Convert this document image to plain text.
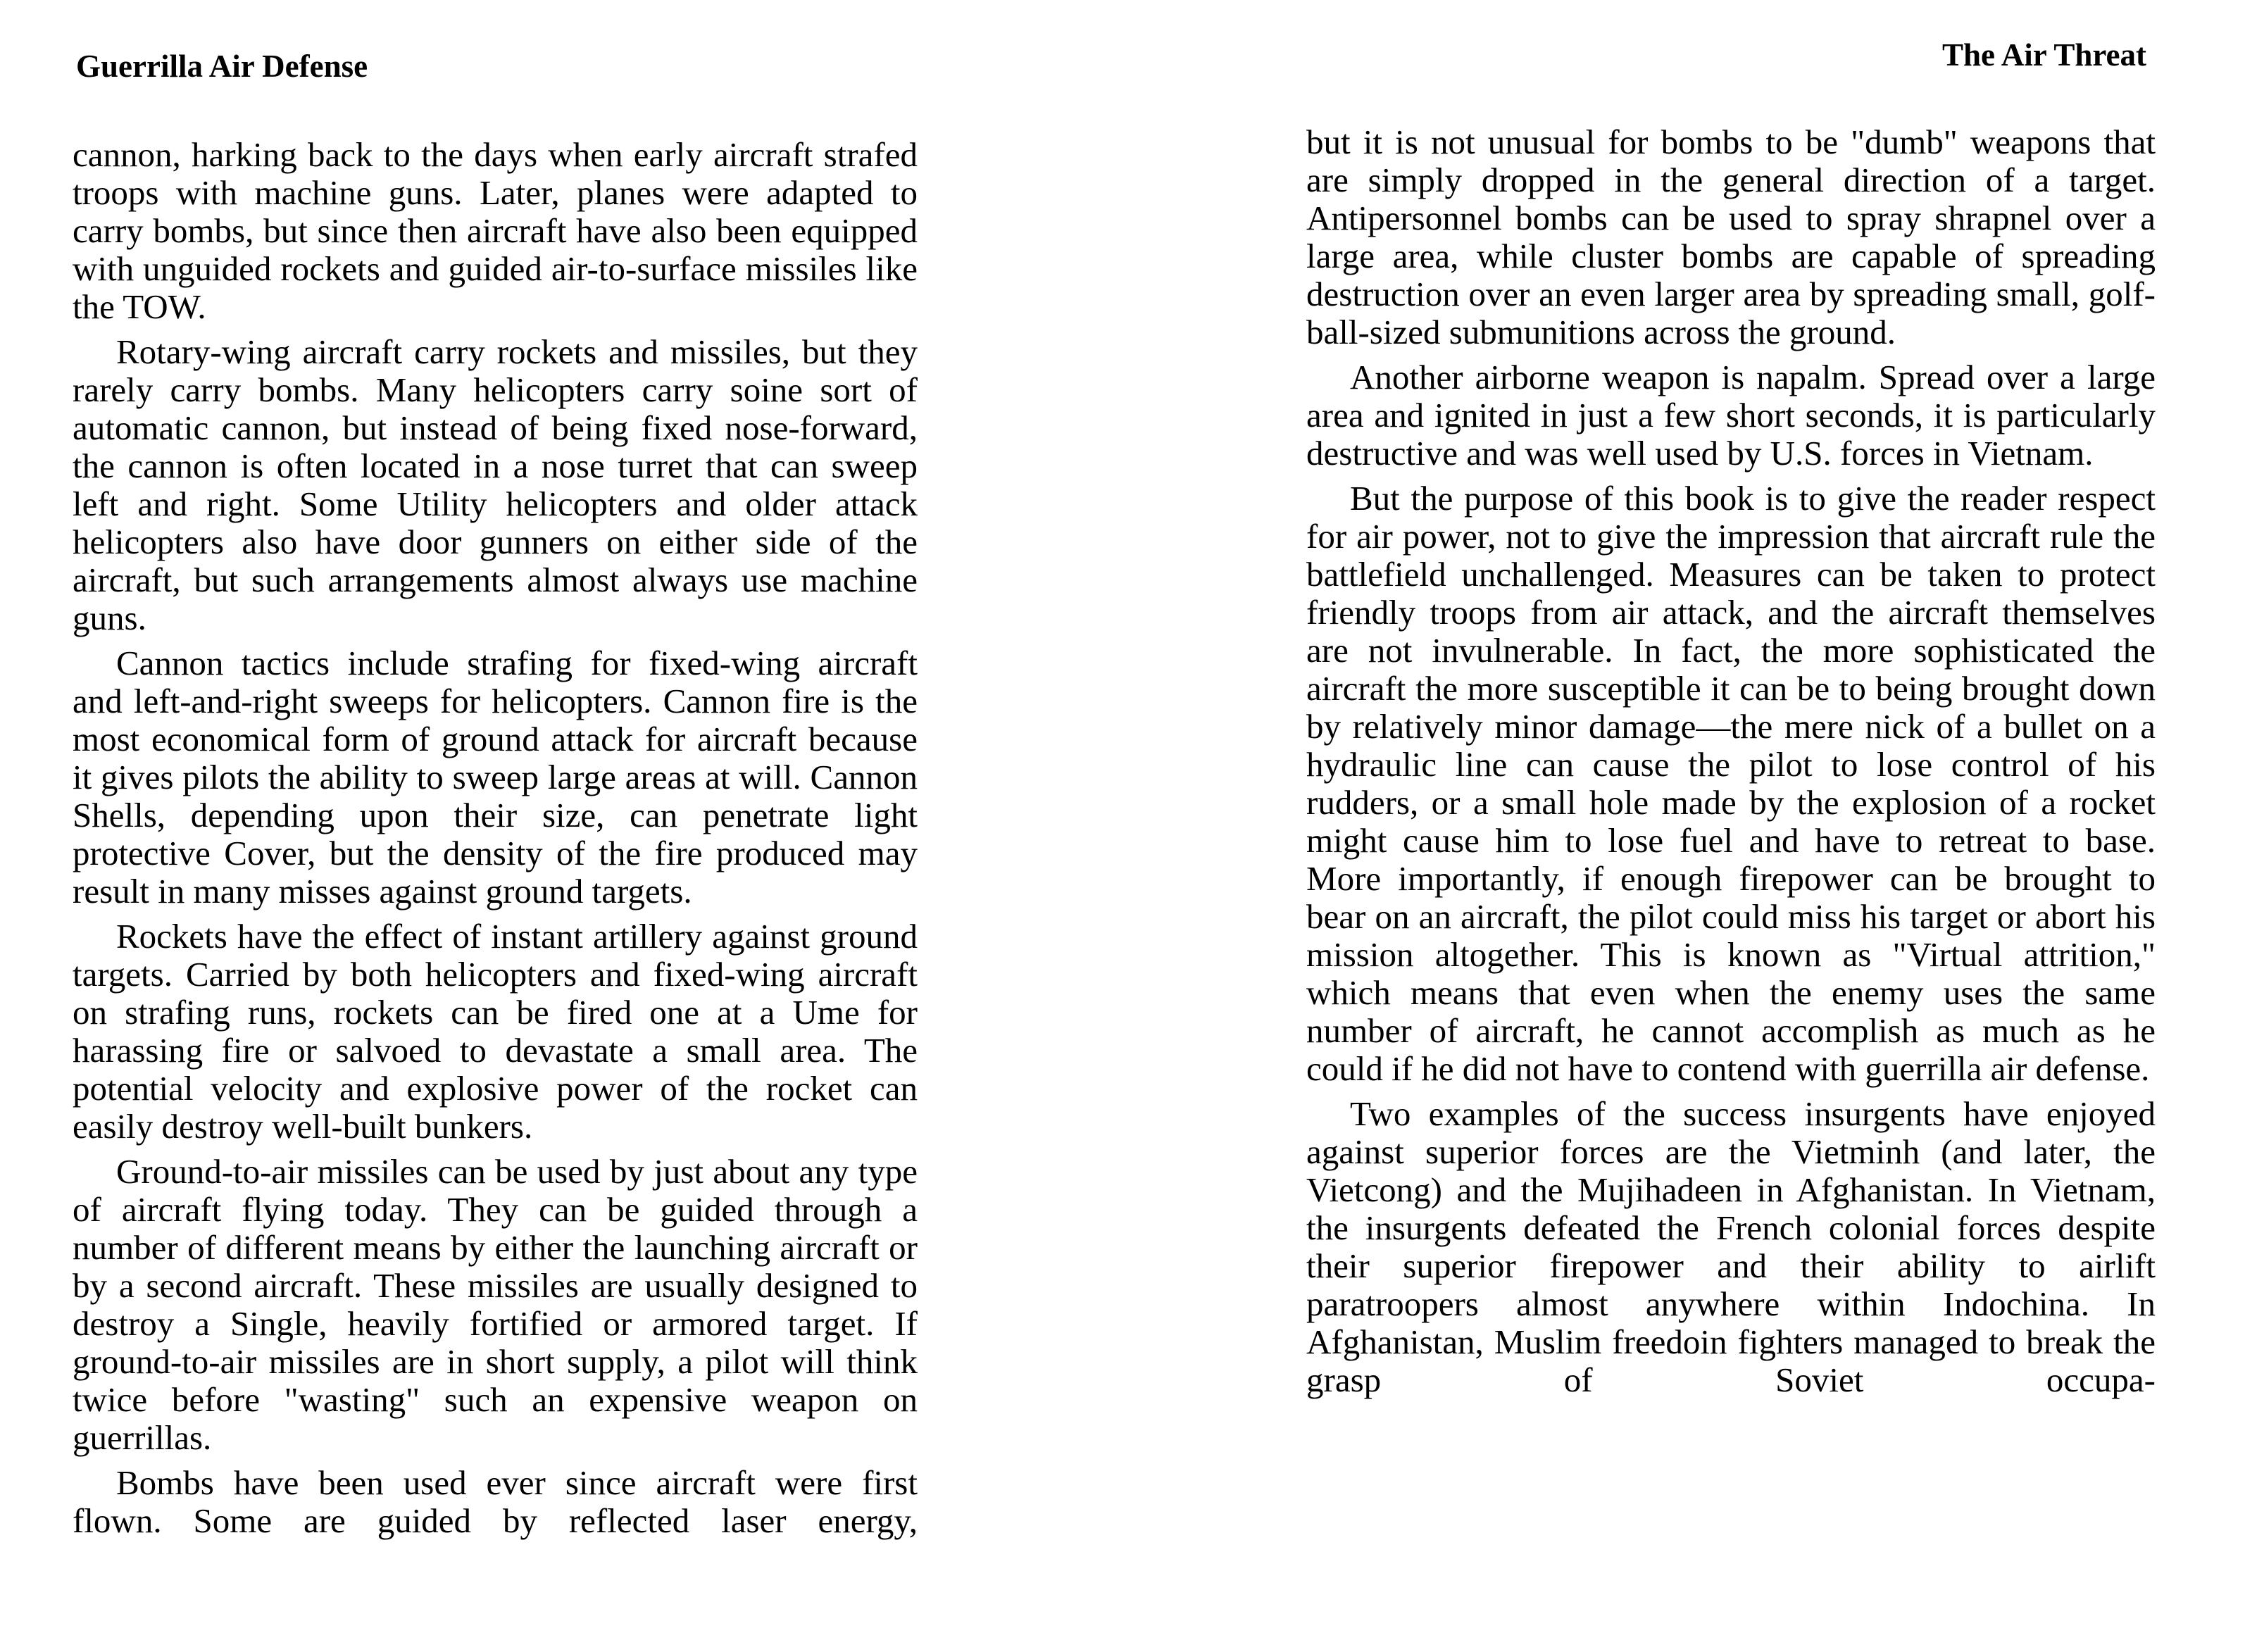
Guerrilla Air Defense	The Air Threat

cannon, harking back to the days when early aircraft strafed troops with machine guns. Later, planes were adapted to carry bombs, but since then aircraft have also been equipped with unguided rockets and guided air-to-surface missiles like the TOW.

Rotary-wing aircraft carry rockets and missiles, but they rarely carry bombs. Many helicopters carry soine sort of automatic cannon, but instead of being fixed nose-forward, the cannon is often located in a nose turret that can sweep left and right. Some Utility helicopters and older attack helicopters also have door gunners on either side of the aircraft, but such arrangements almost always use machine guns.

Cannon tactics include strafing for fixed-wing aircraft and left-and-right sweeps for helicopters. Cannon fire is the most economical form of ground attack for aircraft because it gives pilots the ability to sweep large areas at will. Cannon Shells, depending upon their size, can penetrate light protective Cover, but the density of the fire produced may result in many misses against ground targets.

Rockets have the effect of instant artillery against ground targets. Carried by both helicopters and fixed-wing aircraft on strafing runs, rockets can be fired one at a Ume for harassing fire or salvoed to devastate a small area. The potential velocity and explosive power of the rocket can easily destroy well-built bunkers.

Ground-to-air missiles can be used by just about any type of aircraft flying today. They can be guided through a number of different means by either the launching aircraft or by a second aircraft. These missiles are usually designed to destroy a Single, heavily fortified or armored target. If ground-to-air missiles are in short supply, a pilot will think twice before "wasting" such an expensive weapon on guerrillas.

Bombs have been used ever since aircraft were first flown. Some are guided by reflected laser energy,

but it is not unusual for bombs to be "dumb" weapons that are simply dropped in the general direction of a target. Antipersonnel bombs can be used to spray shrapnel over a large area, while cluster bombs are capable of spreading destruction over an even larger area by spreading small, golf-ball-sized submunitions across the ground.

Another airborne weapon is napalm. Spread over a large area and ignited in just a few short seconds, it is particularly destructive and was well used by U.S. forces in Vietnam.

But the purpose of this book is to give the reader respect for air power, not to give the impression that aircraft rule the battlefield unchallenged. Measures can be taken to protect friendly troops from air attack, and the aircraft themselves are not invulnerable. In fact, the more sophisticated the aircraft the more susceptible it can be to being brought down by relatively minor damage—the mere nick of a bullet on a hydraulic line can cause the pilot to lose control of his rudders, or a small hole made by the explosion of a rocket might cause him to lose fuel and have to retreat to base. More importantly, if enough firepower can be brought to bear on an aircraft, the pilot could miss his target or abort his mission altogether. This is known as "Virtual attrition," which means that even when the enemy uses the same number of aircraft, he cannot accomplish as much as he could if he did not have to contend with guerrilla air defense.

Two examples of the success insurgents have enjoyed against superior forces are the Vietminh (and later, the Vietcong) and the Mujihadeen in Afghanistan. In Vietnam, the insurgents defeated the French colonial forces despite their superior firepower and their ability to airlift paratroopers almost anywhere within Indochina. In Afghanistan, Muslim freedoin fighters managed to break the grasp of Soviet occupa-
